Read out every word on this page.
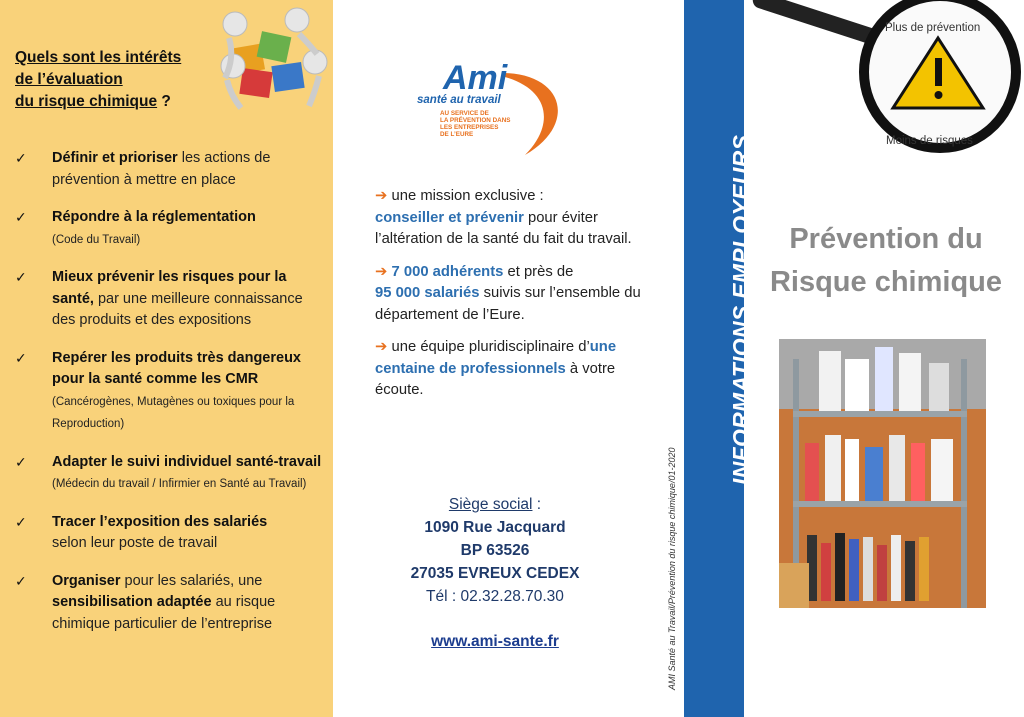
Quels sont les intérêts
de l’évaluation
du risque chimique ?
✓ Définir et prioriser les actions de prévention à mettre en place
✓ Répondre à la réglementation
(Code du Travail)
✓ Mieux prévenir les risques pour la santé, par une meilleure connaissance des produits et des expositions
✓ Repérer les produits très dangereux pour la santé comme les CMR (Cancérogènes, Mutagènes ou toxiques pour la Reproduction)
✓ Adapter le suivi individuel santé-travail (Médecin du travail / Infirmier en Santé au Travail)
✓ Tracer l’exposition des salariés
selon leur poste de travail
✓ Organiser pour les salariés, une sensibilisation adaptée au risque chimique particulier de l’entreprise
Ami
santé au travail
AU SERVICE DE
LA PRÉVENTION DANS
LES ENTREPRISES
DE L’EURE

➔ une mission exclusive :
conseiller et prévenir pour éviter l’altération de la santé du fait du travail.

➔ 7 000 adhérents et près de
95 000 salariés suivis sur l’ensemble du département de l’Eure.

➔ une équipe pluridisciplinaire d’une centaine de professionnels à votre écoute.

Siège social :
1090 Rue Jacquard
BP 63526
27035 EVREUX CEDEX
Tél : 02.32.28.70.30
www.ami-sante.fr	AMI Santé au Travail/Prévention du risque chimique/01-2020
INFORMATIONS EMPLOYEURS
Plus de prévention
Moins de risques
Prévention du
Risque chimique
